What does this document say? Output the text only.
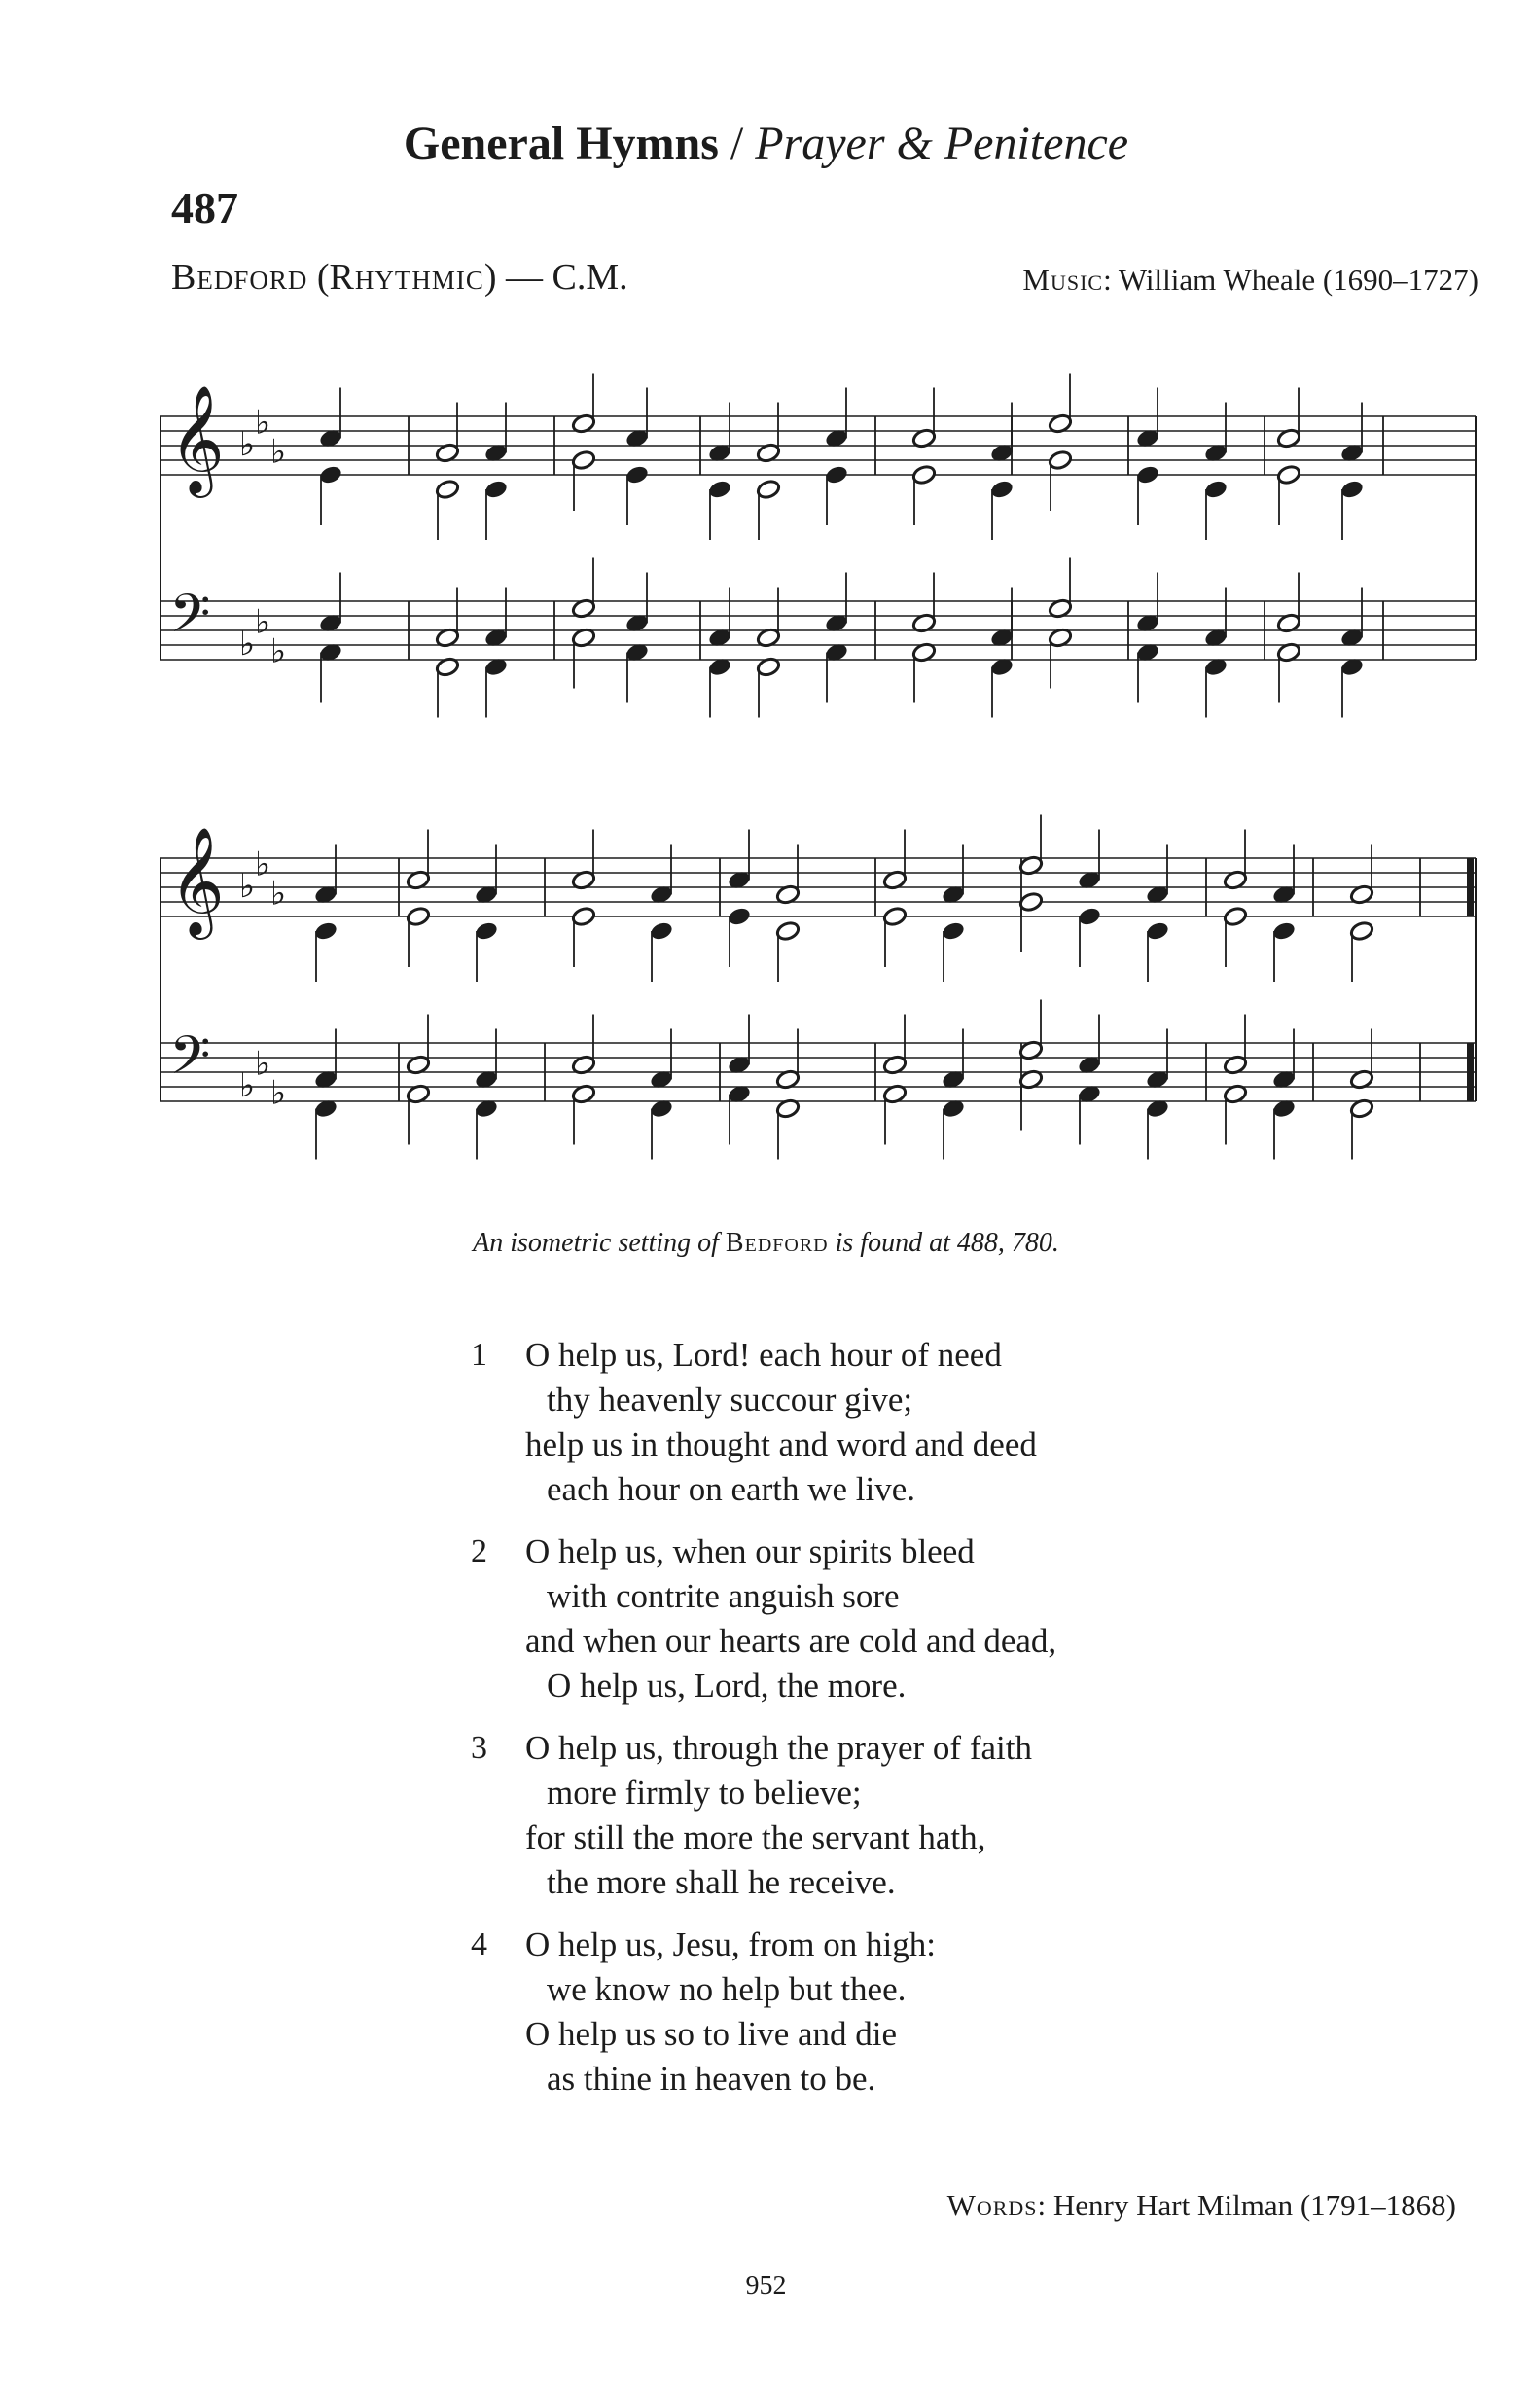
General Hymns / Prayer & Penitence
487
Bedford (Rhythmic) — C.M.	Music: William Wheale (1690–1727)
𝄞 ♭
♭
♭
𝄢 ♭
♭
♭
𝄞 ♭
♭
♭
𝄢 ♭
♭
♭
An isometric setting of Bedford is found at 488, 780.
1	O help us, Lord! each hour of need
thy heavenly succour give;
help us in thought and word and deed
each hour on earth we live.
2	O help us, when our spirits bleed
with contrite anguish sore
and when our hearts are cold and dead,
O help us, Lord, the more.
3	O help us, through the prayer of faith
more firmly to believe;
for still the more the servant hath,
the more shall he receive.
4	O help us, Jesu, from on high:
we know no help but thee.
O help us so to live and die
as thine in heaven to be.
Words: Henry Hart Milman (1791–1868)
952
